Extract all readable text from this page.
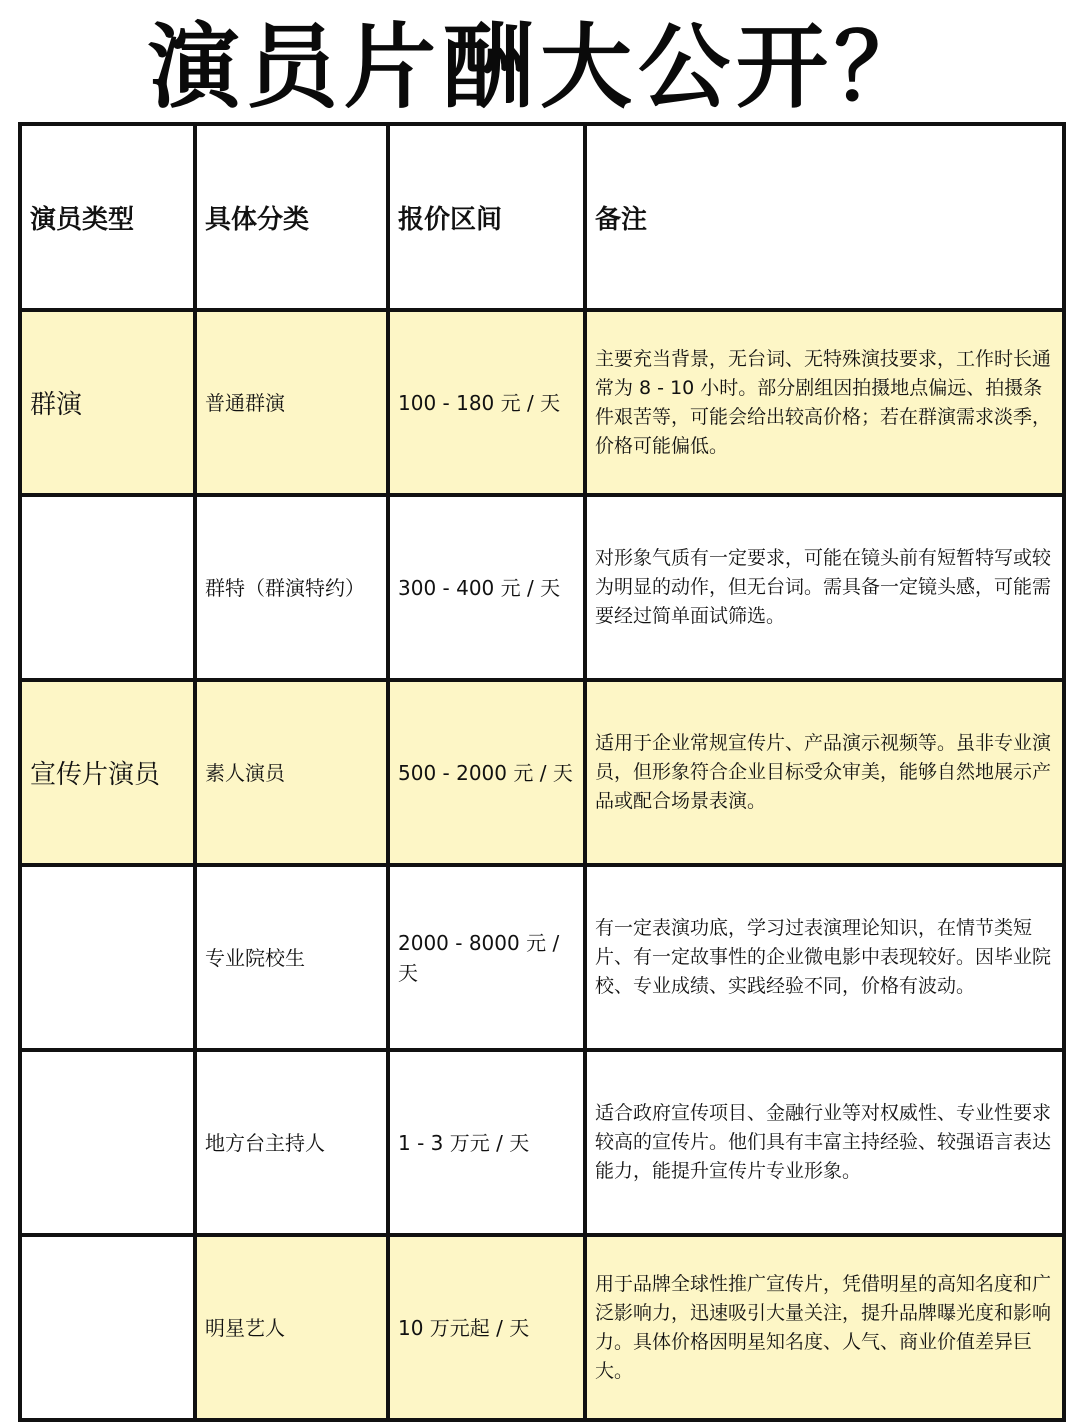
演员片酬大公开？
演员类型	具体分类	报价区间	备注
群演	普通群演	100 - 180 元 / 天	主要充当背景，无台词、无特殊演技要求，工作时长通常为 8 - 10 小时。部分剧组因拍摄地点偏远、拍摄条件艰苦等，可能会给出较高价格；若在群演需求淡季，价格可能偏低。
	群特（群演特约）	300 - 400 元 / 天	对形象气质有一定要求，可能在镜头前有短暂特写或较为明显的动作，但无台词。需具备一定镜头感，可能需要经过简单面试筛选。
宣传片演员	素人演员	500 - 2000 元 / 天	适用于企业常规宣传片、产品演示视频等。虽非专业演员，但形象符合企业目标受众审美，能够自然地展示产品或配合场景表演。
	专业院校生	2000 - 8000 元 / 天	有一定表演功底，学习过表演理论知识，在情节类短片、有一定故事性的企业微电影中表现较好。因毕业院校、专业成绩、实践经验不同，价格有波动。
	地方台主持人	1 - 3 万元 / 天	适合政府宣传项目、金融行业等对权威性、专业性要求较高的宣传片。他们具有丰富主持经验、较强语言表达能力，能提升宣传片专业形象。
	明星艺人	10 万元起 / 天	用于品牌全球性推广宣传片，凭借明星的高知名度和广泛影响力，迅速吸引大量关注，提升品牌曝光度和影响力。具体价格因明星知名度、人气、商业价值差异巨大。
